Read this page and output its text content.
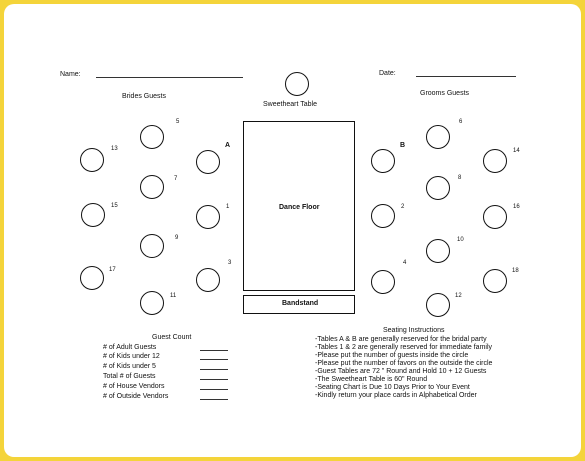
Name:	Date:
Sweetheart Table
Brides Guests	Grooms Guests
5
13
7
15
9
17
11
A
1
3
Dance Floor
Bandstand
B
2
4
6
14
8
16
10
18
12
Guest Count
# of Adult Guests
# of Kids under 12
# of Kids under 5
Total # of Guests
# of House Vendors
# of Outside Vendors
Seating Instructions
-Tables A & B are generally reserved for the bridal party
-Tables 1 & 2 are generally reserved for immediate family
-Please put the number of guests inside the circle
-Please put the number of favors on the outside the circle
-Guest Tables are 72 " Round and Hold 10 + 12 Guests
-The Sweetheart Table is 60" Round
-Seating Chart is Due 10 Days Prior to Your Event
-Kindly return your place cards in Alphabetical Order
